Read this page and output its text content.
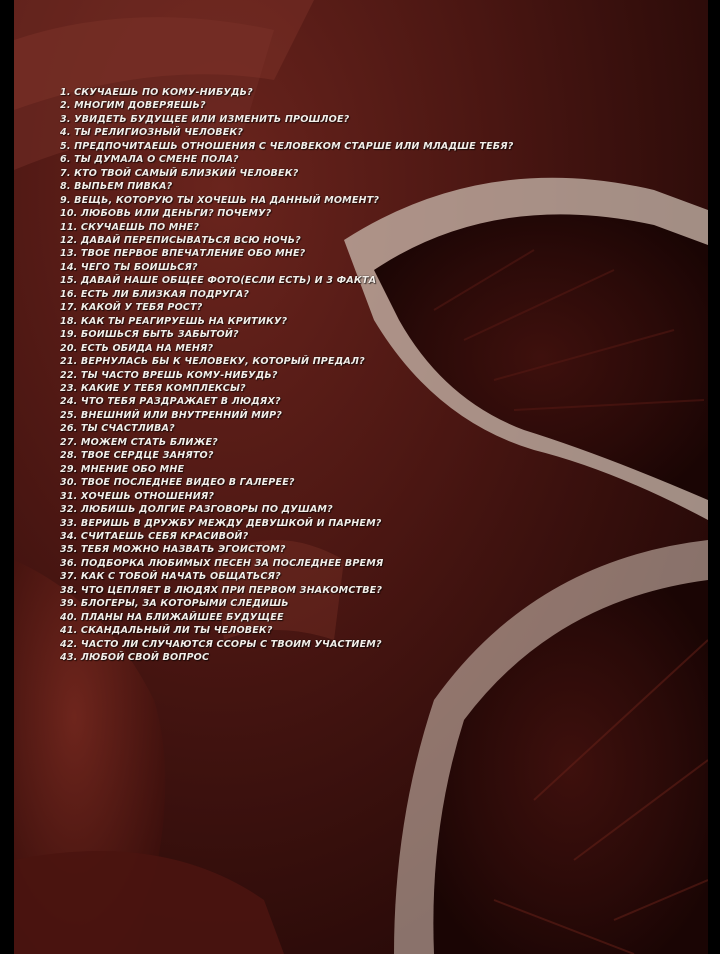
1. СКУЧАЕШЬ ПО КОМУ-НИБУДЬ?
2. МНОГИМ ДОВЕРЯЕШЬ?
3. УВИДЕТЬ БУДУЩЕЕ ИЛИ ИЗМЕНИТЬ ПРОШЛОЕ?
4. ТЫ РЕЛИГИОЗНЫЙ ЧЕЛОВЕК?
5. ПРЕДПОЧИТАЕШЬ ОТНОШЕНИЯ С ЧЕЛОВЕКОМ СТАРШЕ ИЛИ МЛАДШЕ ТЕБЯ?
6. ТЫ ДУМАЛА О СМЕНЕ ПОЛА?
7. КТО ТВОЙ САМЫЙ БЛИЗКИЙ ЧЕЛОВЕК?
8. ВЫПЬЕМ ПИВКА?
9. ВЕЩЬ, КОТОРУЮ ТЫ ХОЧЕШЬ НА ДАННЫЙ МОМЕНТ?
10. ЛЮБОВЬ ИЛИ ДЕНЬГИ? ПОЧЕМУ?
11. СКУЧАЕШЬ ПО МНЕ?
12. ДАВАЙ ПЕРЕПИСЫВАТЬСЯ ВСЮ НОЧЬ?
13. ТВОЕ ПЕРВОЕ ВПЕЧАТЛЕНИЕ ОБО МНЕ?
14. ЧЕГО ТЫ БОИШЬСЯ?
15. ДАВАЙ НАШЕ ОБЩЕЕ ФОТО(ЕСЛИ ЕСТЬ) И 3 ФАКТА
16. ЕСТЬ ЛИ БЛИЗКАЯ ПОДРУГА?
17. КАКОЙ У ТЕБЯ РОСТ?
18. КАК ТЫ РЕАГИРУЕШЬ НА КРИТИКУ?
19. БОИШЬСЯ БЫТЬ ЗАБЫТОЙ?
20. ЕСТЬ ОБИДА НА МЕНЯ?
21. ВЕРНУЛАСЬ БЫ К ЧЕЛОВЕКУ, КОТОРЫЙ ПРЕДАЛ?
22. ТЫ ЧАСТО ВРЕШЬ КОМУ-НИБУДЬ?
23. КАКИЕ У ТЕБЯ КОМПЛЕКСЫ?
24. ЧТО ТЕБЯ РАЗДРАЖАЕТ В ЛЮДЯХ?
25. ВНЕШНИЙ ИЛИ ВНУТРЕННИЙ МИР?
26. ТЫ СЧАСТЛИВА?
27. МОЖЕМ СТАТЬ БЛИЖЕ?
28. ТВОЕ СЕРДЦЕ ЗАНЯТО?
29. МНЕНИЕ ОБО МНЕ
30. ТВОЕ ПОСЛЕДНЕЕ ВИДЕО В ГАЛЕРЕЕ?
31. ХОЧЕШЬ ОТНОШЕНИЯ?
32. ЛЮБИШЬ ДОЛГИЕ РАЗГОВОРЫ ПО ДУШАМ?
33. ВЕРИШЬ В ДРУЖБУ МЕЖДУ ДЕВУШКОЙ И ПАРНЕМ?
34. СЧИТАЕШЬ СЕБЯ КРАСИВОЙ?
35. ТЕБЯ МОЖНО НАЗВАТЬ ЭГОИСТОМ?
36. ПОДБОРКА ЛЮБИМЫХ ПЕСЕН ЗА ПОСЛЕДНЕЕ ВРЕМЯ
37. КАК С ТОБОЙ НАЧАТЬ ОБЩАТЬСЯ?
38. ЧТО ЦЕПЛЯЕТ В ЛЮДЯХ ПРИ ПЕРВОМ ЗНАКОМСТВЕ?
39. БЛОГЕРЫ, ЗА КОТОРЫМИ СЛЕДИШЬ
40. ПЛАНЫ НА БЛИЖАЙШЕЕ БУДУЩЕЕ
41. СКАНДАЛЬНЫЙ ЛИ ТЫ ЧЕЛОВЕК?
42. ЧАСТО ЛИ СЛУЧАЮТСЯ ССОРЫ С ТВОИМ УЧАСТИЕМ?
43. ЛЮБОЙ СВОЙ ВОПРОС
